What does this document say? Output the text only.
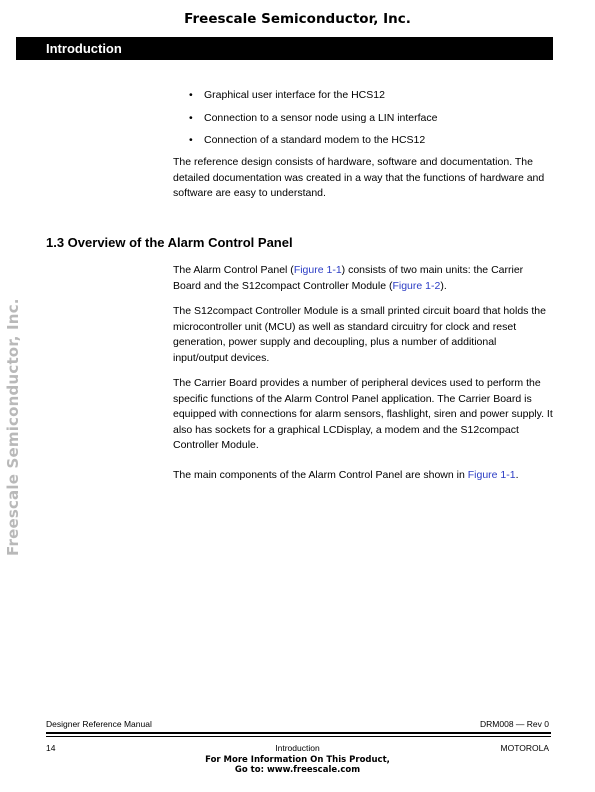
Freescale Semiconductor, Inc.
Introduction
• Graphical user interface for the HCS12
• Connection to a sensor node using a LIN interface
• Connection of a standard modem to the HCS12

The reference design consists of hardware, software and documentation. The detailed documentation was created in a way that the functions of hardware and software are easy to understand.

1.3 Overview of the Alarm Control Panel

The Alarm Control Panel (Figure 1-1) consists of two main units: the Carrier Board and the S12compact Controller Module (Figure 1-2).

The S12compact Controller Module is a small printed circuit board that holds the microcontroller unit (MCU) as well as standard circuitry for clock and reset generation, power supply and decoupling, plus a number of additional input/output devices.

The Carrier Board provides a number of peripheral devices used to perform the specific functions of the Alarm Control Panel application. The Carrier Board is equipped with connections for alarm sensors, flashlight, siren and power supply. It also has sockets for a graphical LCDisplay, a modem and the S12compact Controller Module.

The main components of the Alarm Control Panel are shown in Figure 1-1.

Freescale Semiconductor, Inc.
Designer Reference Manual	DRM008 — Rev 0
14	Introduction	MOTOROLA
For More Information On This Product,
Go to: www.freescale.com
